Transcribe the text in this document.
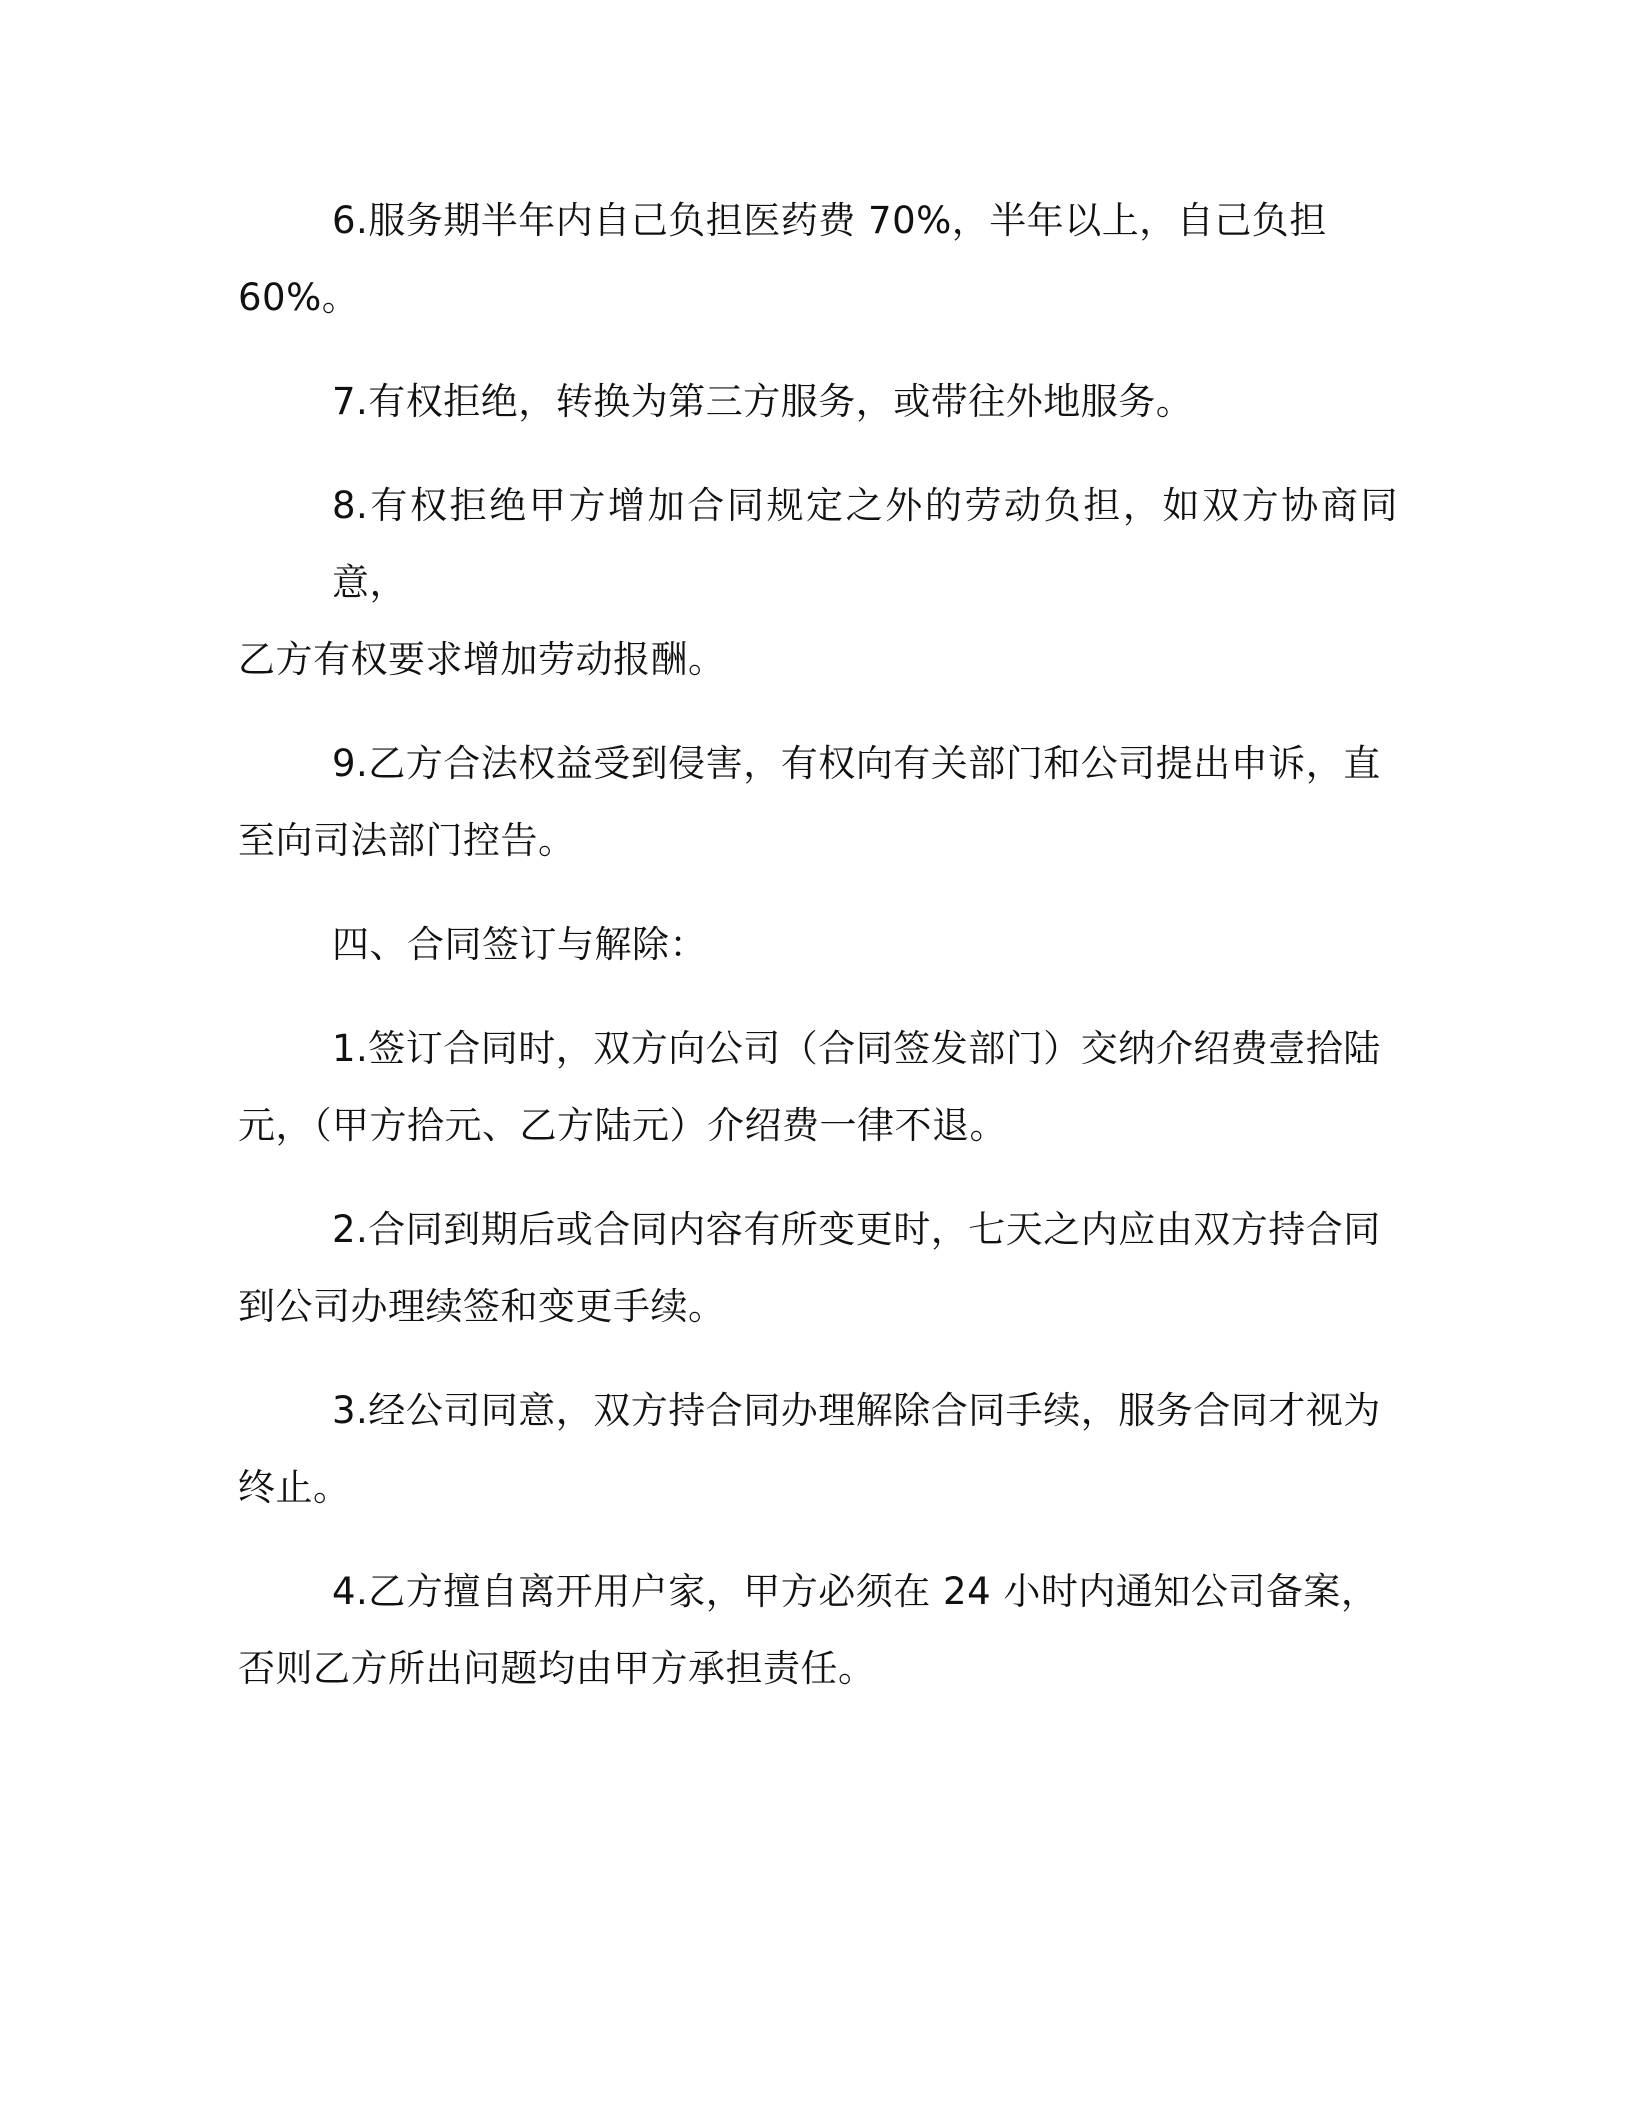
6.服务期半年内自己负担医药费 70%，半年以上，自己负担
60%。
7.有权拒绝，转换为第三方服务，或带往外地服务。
8.有权拒绝甲方增加合同规定之外的劳动负担，如双方协商同意，
乙方有权要求增加劳动报酬。
9.乙方合法权益受到侵害，有权向有关部门和公司提出申诉，直
至向司法部门控告。
四、合同签订与解除：
1.签订合同时，双方向公司（合同签发部门）交纳介绍费壹拾陆
元，（甲方拾元、乙方陆元）介绍费一律不退。
2.合同到期后或合同内容有所变更时，七天之内应由双方持合同
到公司办理续签和变更手续。
3.经公司同意，双方持合同办理解除合同手续，服务合同才视为
终止。
4.乙方擅自离开用户家，甲方必须在 24 小时内通知公司备案，
否则乙方所出问题均由甲方承担责任。
